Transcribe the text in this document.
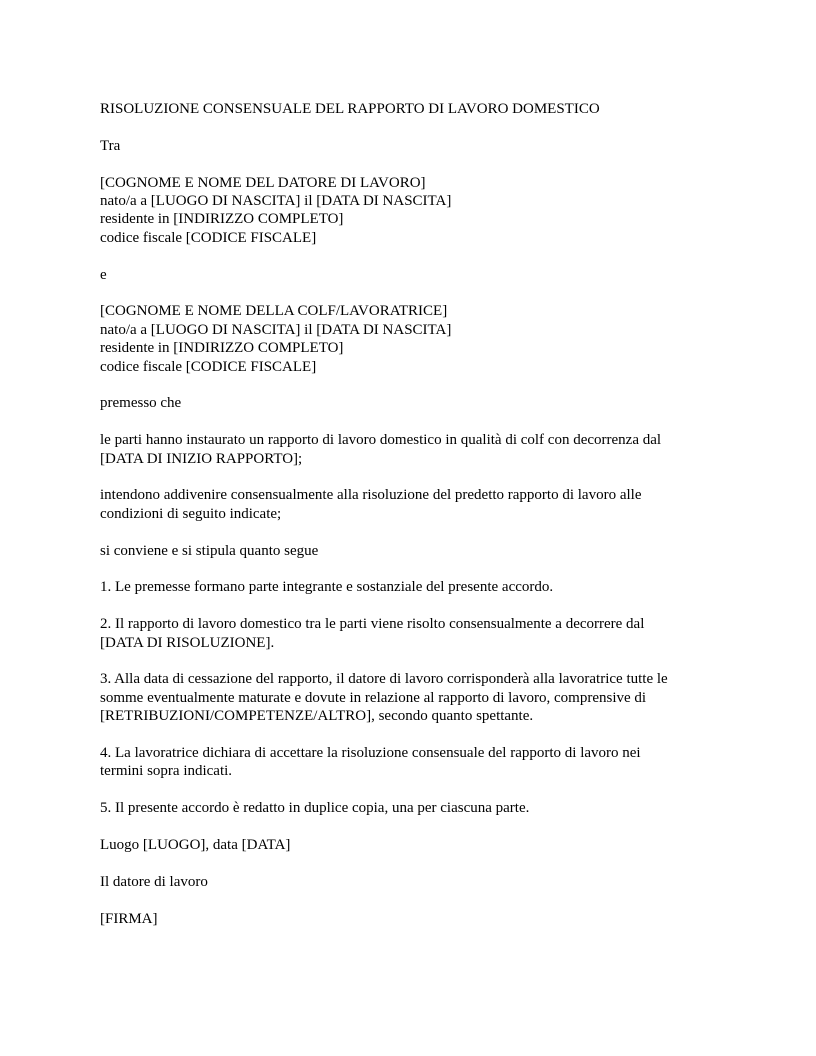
RISOLUZIONE CONSENSUALE DEL RAPPORTO DI LAVORO DOMESTICO

Tra

[COGNOME E NOME DEL DATORE DI LAVORO]
nato/a a [LUOGO DI NASCITA] il [DATA DI NASCITA]
residente in [INDIRIZZO COMPLETO]
codice fiscale [CODICE FISCALE]

e

[COGNOME E NOME DELLA COLF/LAVORATRICE]
nato/a a [LUOGO DI NASCITA] il [DATA DI NASCITA]
residente in [INDIRIZZO COMPLETO]
codice fiscale [CODICE FISCALE]

premesso che

le parti hanno instaurato un rapporto di lavoro domestico in qualità di colf con decorrenza dal
[DATA DI INIZIO RAPPORTO];
intendono addivenire consensualmente alla risoluzione del predetto rapporto di lavoro alle
condizioni di seguito indicate;

si conviene e si stipula quanto segue

1. Le premesse formano parte integrante e sostanziale del presente accordo.
2. Il rapporto di lavoro domestico tra le parti viene risolto consensualmente a decorrere dal
[DATA DI RISOLUZIONE].
3. Alla data di cessazione del rapporto, il datore di lavoro corrisponderà alla lavoratrice tutte le
somme eventualmente maturate e dovute in relazione al rapporto di lavoro, comprensive di
[RETRIBUZIONI/COMPETENZE/ALTRO], secondo quanto spettante.
4. La lavoratrice dichiara di accettare la risoluzione consensuale del rapporto di lavoro nei
termini sopra indicati.
5. Il presente accordo è redatto in duplice copia, una per ciascuna parte.

Luogo [LUOGO], data [DATA]

Il datore di lavoro

[FIRMA]
